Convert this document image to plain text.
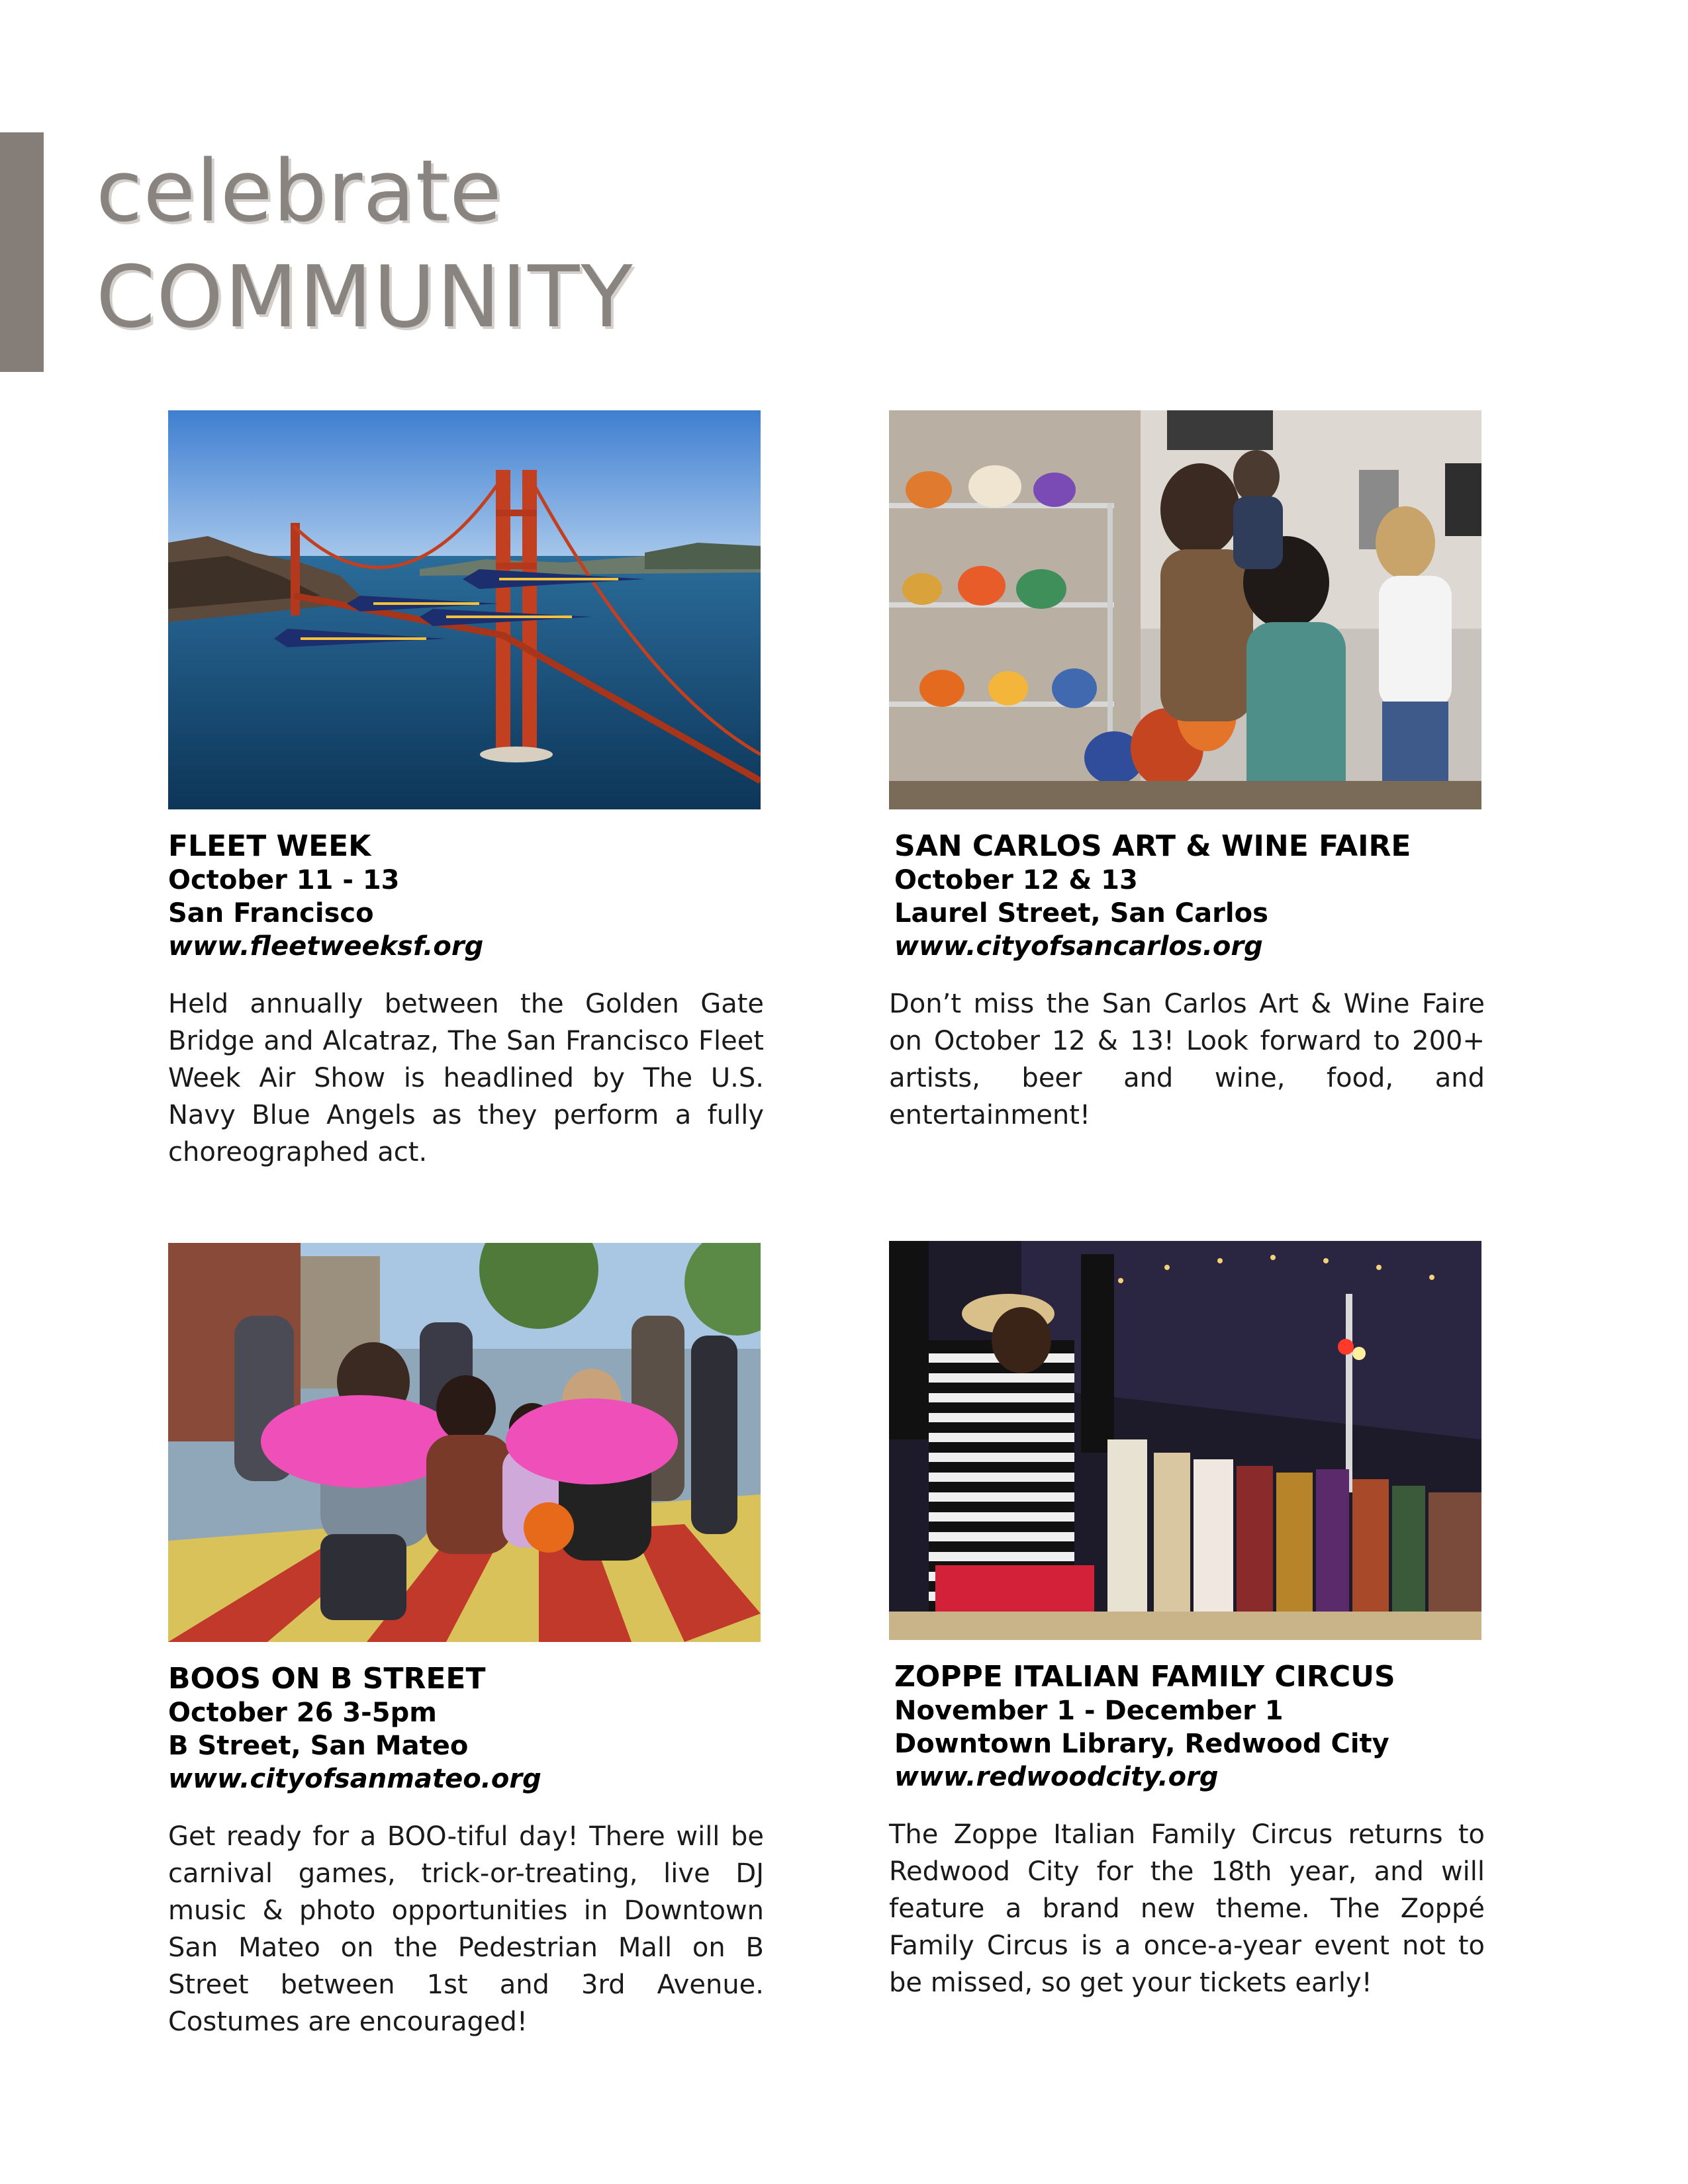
celebrate
COMMUNITY
FLEET WEEK
October 11 - 13
San Francisco
www.fleetweeksf.org
Held annually between the Golden Gate Bridge and Alcatraz, The San Francisco Fleet Week Air Show is headlined by The U.S. Navy Blue Angels as they perform a fully choreographed act.
SAN CARLOS ART & WINE FAIRE
October 12 & 13
Laurel Street, San Carlos
www.cityofsancarlos.org
Don’t miss the San Carlos Art & Wine Faire on October 12 & 13! Look forward to 200+ artists, beer and wine, food, and entertainment!
BOOS ON B STREET
October 26 3-5pm
B Street, San Mateo
www.cityofsanmateo.org
Get ready for a BOO-tiful day! There will be carnival games, trick-or-treating, live DJ music & photo opportunities in Downtown San Mateo on the Pedestrian Mall on B Street between 1st and 3rd Avenue. Costumes are encouraged!
ZOPPE ITALIAN FAMILY CIRCUS
November 1 - December 1
Downtown Library, Redwood City
www.redwoodcity.org
The Zoppe Italian Family Circus returns to Redwood City for the 18th year, and will feature a brand new theme. The Zoppé Family Circus is a once-a-year event not to be missed, so get your tickets early!
